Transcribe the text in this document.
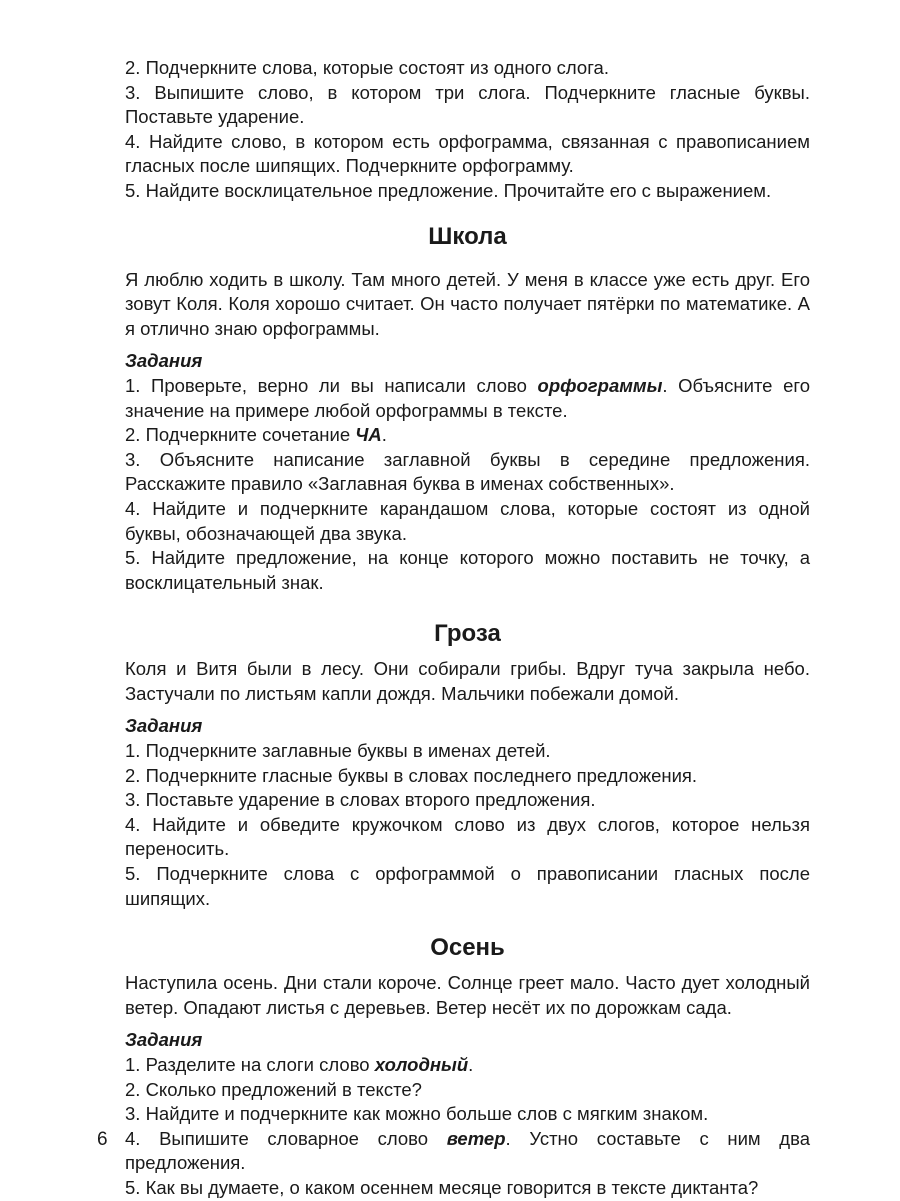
2. Подчеркните слова, которые состоят из одного слога.

3. Выпишите слово, в котором три слога. Подчеркните гласные буквы. Поставьте ударение.

4. Найдите слово, в котором есть орфограмма, связанная с правописанием гласных после шипящих. Подчеркните орфограмму.

5. Найдите восклицательное предложение. Прочитайте его с выражением.

Школа

Я люблю ходить в школу. Там много детей. У меня в классе уже есть друг. Его зовут Коля. Коля хорошо считает. Он часто получает пятёрки по математике. А я отлично знаю орфограммы.

Задания

1. Проверьте, верно ли вы написали слово орфограммы. Объясните его значение на примере любой орфограммы в тексте.

2. Подчеркните сочетание ЧА.

3. Объясните написание заглавной буквы в середине предложения. Расскажите правило «Заглавная буква в именах собственных».

4. Найдите и подчеркните карандашом слова, которые состоят из одной буквы, обозначающей два звука.

5. Найдите предложение, на конце которого можно поставить не точку, а восклицательный знак.

Гроза

Коля и Витя были в лесу. Они собирали грибы. Вдруг туча закрыла небо. Застучали по листьям капли дождя. Мальчики побежали домой.

Задания

1. Подчеркните заглавные буквы в именах детей.

2. Подчеркните гласные буквы в словах последнего предложения.

3. Поставьте ударение в словах второго предложения.

4. Найдите и обведите кружочком слово из двух слогов, которое нельзя переносить.

5. Подчеркните слова с орфограммой о правописании гласных после шипящих.

Осень

Наступила осень. Дни стали короче. Солнце греет мало. Часто дует холодный ветер. Опадают листья с деревьев. Ветер несёт их по дорожкам сада.

Задания

1. Разделите на слоги слово холодный.

2. Сколько предложений в тексте?

3. Найдите и подчеркните как можно больше слов с мягким знаком.

4. Выпишите словарное слово ветер. Устно составьте с ним два предложения.

5. Как вы думаете, о каком осеннем месяце говорится в тексте диктанта?

6
